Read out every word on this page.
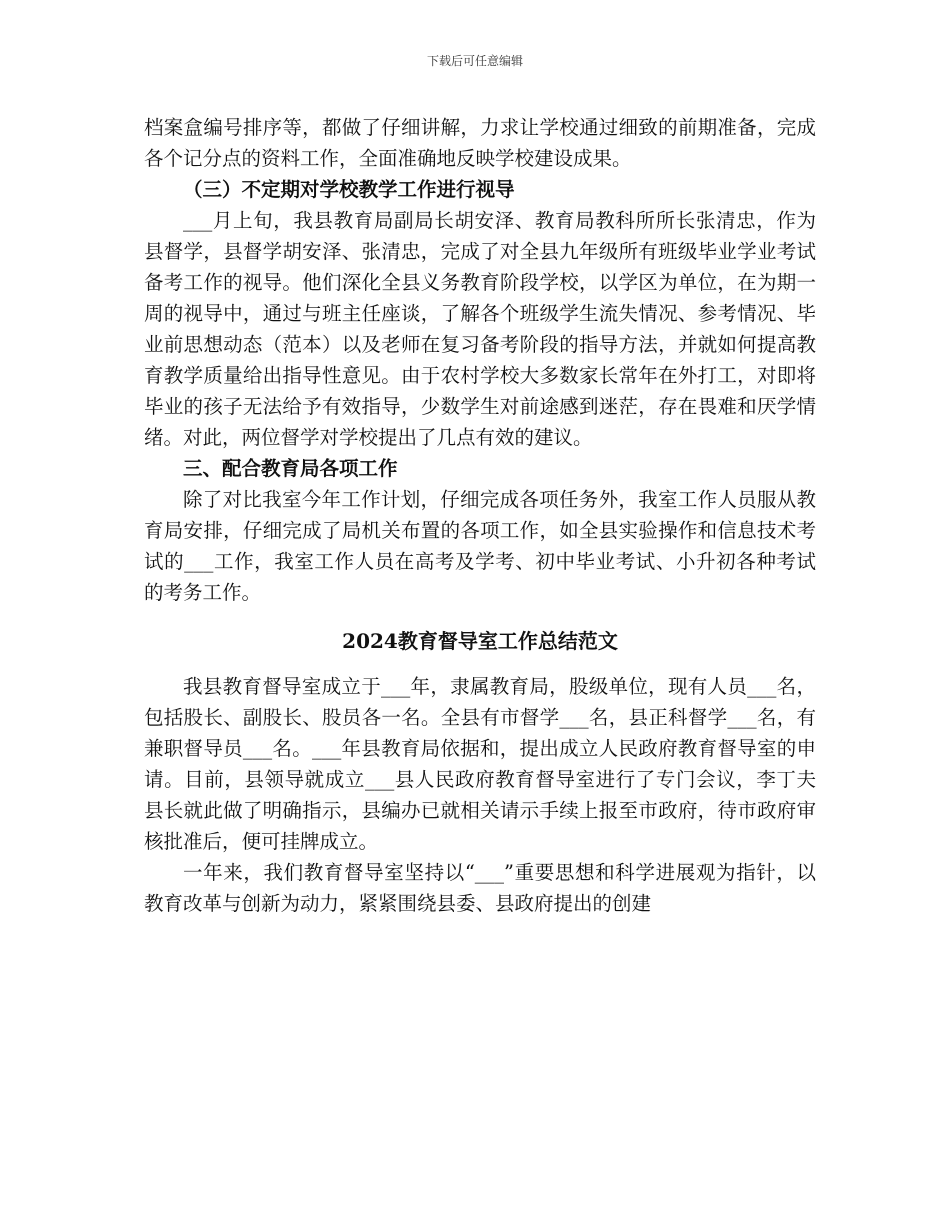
下载后可任意编辑

档案盒编号排序等，都做了仔细讲解，力求让学校通过细致的前期准备，完成各个记分点的资料工作，全面准确地反映学校建设成果。

（三）不定期对学校教学工作进行视导

___月上旬，我县教育局副局长胡安泽、教育局教科所所长张清忠，作为县督学，县督学胡安泽、张清忠，完成了对全县九年级所有班级毕业学业考试备考工作的视导。他们深化全县义务教育阶段学校，以学区为单位，在为期一周的视导中，通过与班主任座谈，了解各个班级学生流失情况、参考情况、毕业前思想动态（范本）以及老师在复习备考阶段的指导方法，并就如何提高教育教学质量给出指导性意见。由于农村学校大多数家长常年在外打工，对即将毕业的孩子无法给予有效指导，少数学生对前途感到迷茫，存在畏难和厌学情绪。对此，两位督学对学校提出了几点有效的建议。

三、配合教育局各项工作

除了对比我室今年工作计划，仔细完成各项任务外，我室工作人员服从教育局安排，仔细完成了局机关布置的各项工作，如全县实验操作和信息技术考试的___工作，我室工作人员在高考及学考、初中毕业考试、小升初各种考试的考务工作。

2024教育督导室工作总结范文

我县教育督导室成立于___年，隶属教育局，股级单位，现有人员___名，包括股长、副股长、股员各一名。全县有市督学___名，县正科督学___名，有兼职督导员___名。___年县教育局依据和，提出成立人民政府教育督导室的申请。目前，县领导就成立___县人民政府教育督导室进行了专门会议，李丁夫县长就此做了明确指示，县编办已就相关请示手续上报至市政府，待市政府审核批准后，便可挂牌成立。

一年来，我们教育督导室坚持以“___”重要思想和科学进展观为指针，以教育改革与创新为动力，紧紧围绕县委、县政府提出的创建
